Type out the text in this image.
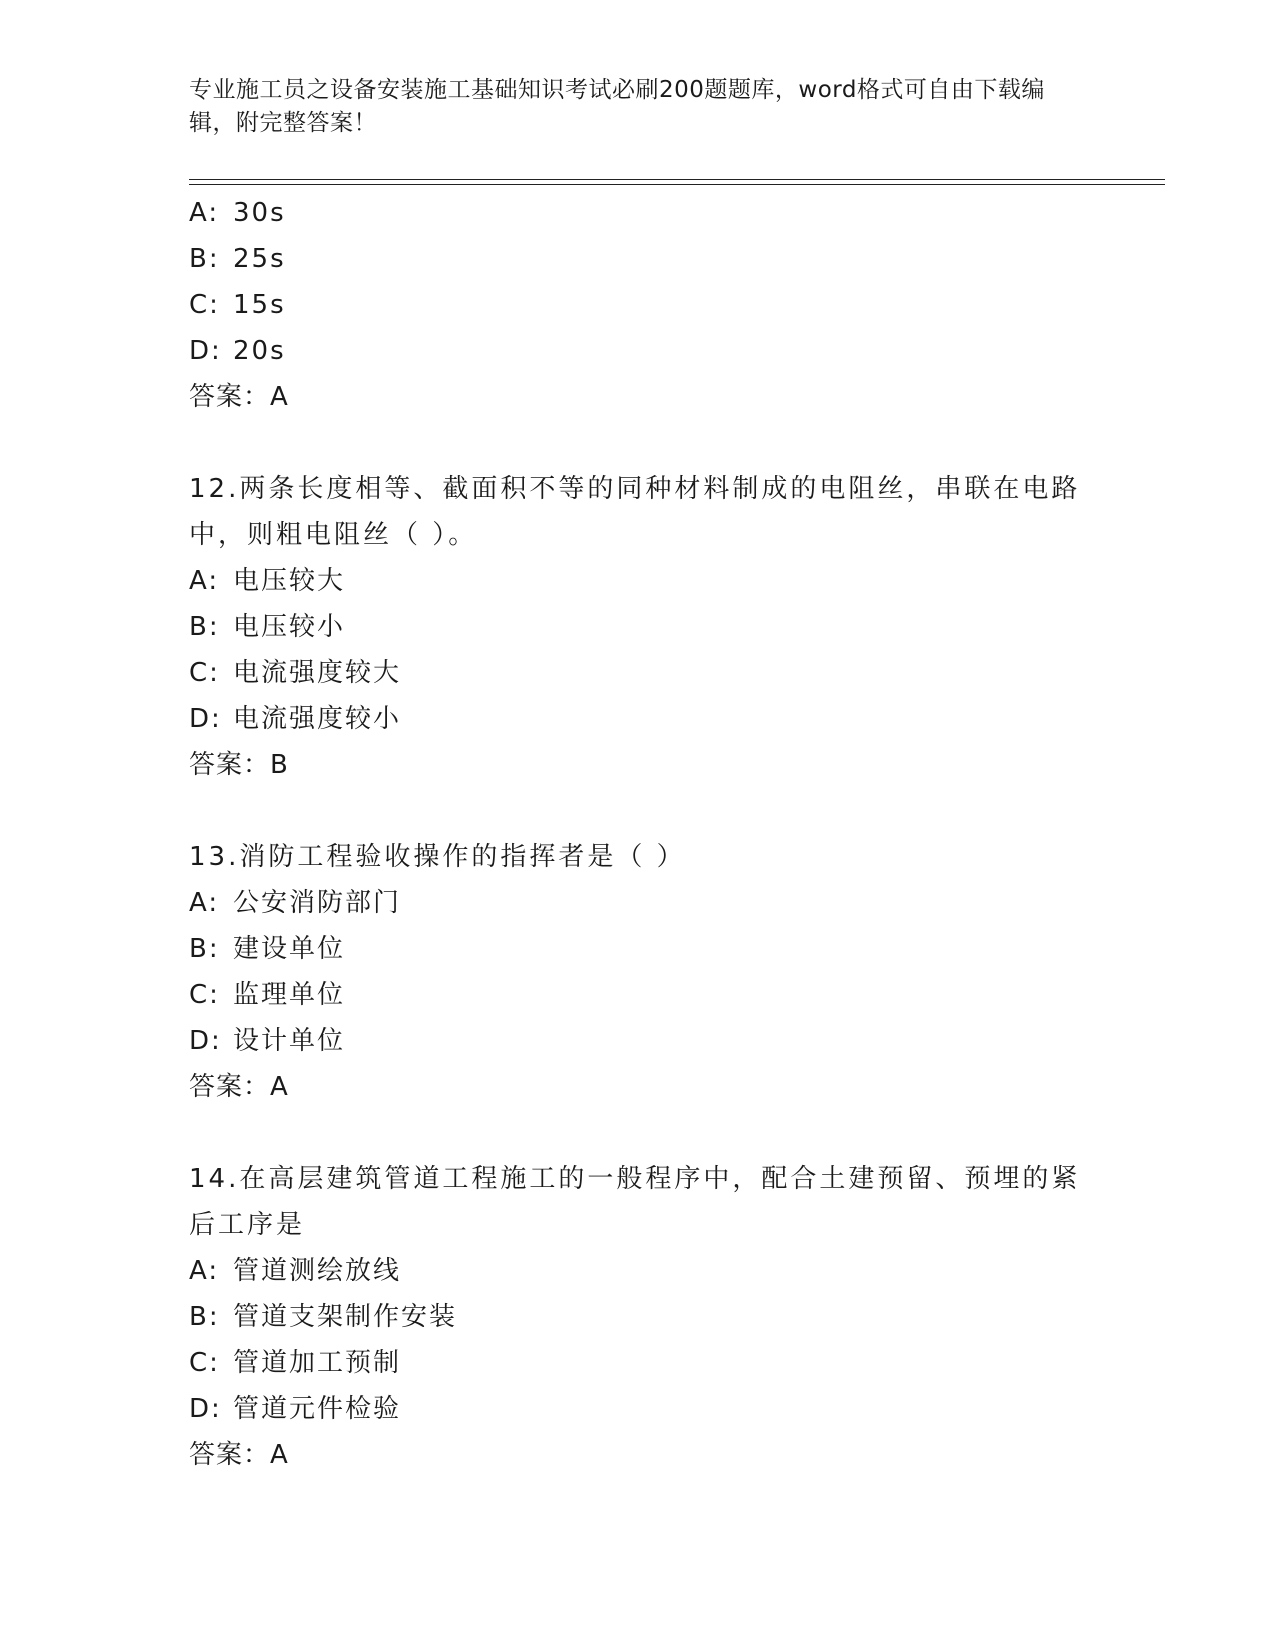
专业施工员之设备安装施工基础知识考试必刷200题题库，word格式可自由下载编辑，附完整答案！
A: 30s
B: 25s
C: 15s
D: 20s
答案：A
12.两条长度相等、截面积不等的同种材料制成的电阻丝，串联在电路中，则粗电阻丝（ ）。
A: 电压较大
B: 电压较小
C: 电流强度较大
D: 电流强度较小
答案：B
13.消防工程验收操作的指挥者是（ ）
A: 公安消防部门
B: 建设单位
C: 监理单位
D: 设计单位
答案：A
14.在高层建筑管道工程施工的一般程序中，配合土建预留、预埋的紧后工序是
A: 管道测绘放线
B: 管道支架制作安装
C: 管道加工预制
D: 管道元件检验
答案：A
